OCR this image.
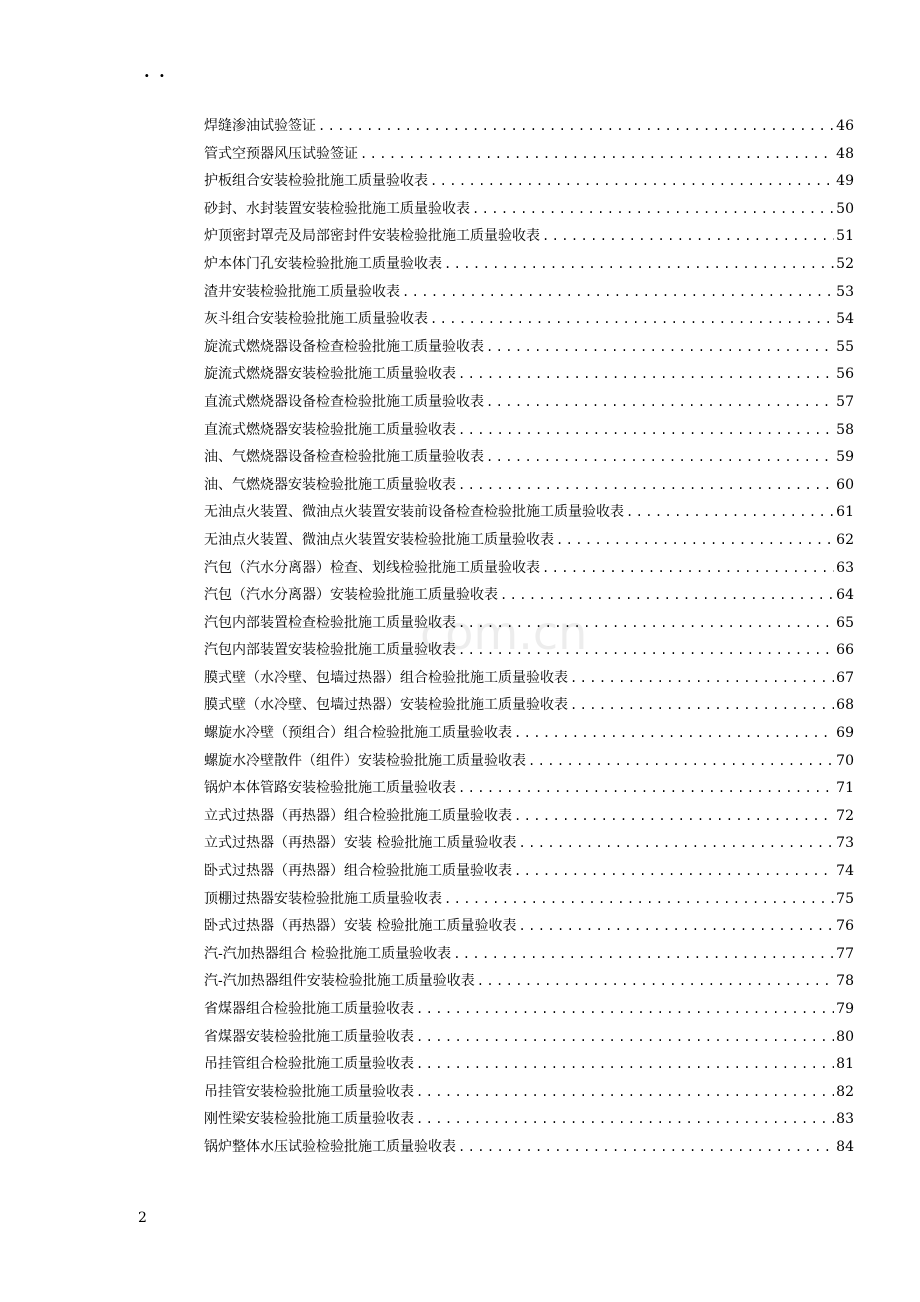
. .
com.cn
焊缝渗油试验签证 .....	46
管式空预器风压试验签证 .....	48
护板组合安装检验批施工质量验收表 .....	49
砂封、水封装置安装检验批施工质量验收表 .....	50
炉顶密封罩壳及局部密封件安装检验批施工质量验收表 .....	51
炉本体门孔安装检验批施工质量验收表 .....	52
渣井安装检验批施工质量验收表 .....	53
灰斗组合安装检验批施工质量验收表 .....	54
旋流式燃烧器设备检查检验批施工质量验收表 .....	55
旋流式燃烧器安装检验批施工质量验收表 .....	56
直流式燃烧器设备检查检验批施工质量验收表 .....	57
直流式燃烧器安装检验批施工质量验收表 .....	58
油、气燃烧器设备检查检验批施工质量验收表 .....	59
油、气燃烧器安装检验批施工质量验收表 .....	60
无油点火装置、微油点火装置安装前设备检查检验批施工质量验收表 .....	61
无油点火装置、微油点火装置安装检验批施工质量验收表 .....	62
汽包（汽水分离器）检查、划线检验批施工质量验收表 .....	63
汽包（汽水分离器）安装检验批施工质量验收表 .....	64
汽包内部装置检查检验批施工质量验收表 .....	65
汽包内部装置安装检验批施工质量验收表 .....	66
膜式壁（水冷壁、包墙过热器）组合检验批施工质量验收表 .....	67
膜式壁（水冷壁、包墙过热器）安装检验批施工质量验收表 .....	68
螺旋水冷壁（预组合）组合检验批施工质量验收表 .....	69
螺旋水冷壁散件（组件）安装检验批施工质量验收表 .....	70
锅炉本体管路安装检验批施工质量验收表 .....	71
立式过热器（再热器）组合检验批施工质量验收表 .....	72
立式过热器（再热器）安装 检验批施工质量验收表 .....	73
卧式过热器（再热器）组合检验批施工质量验收表 .....	74
顶棚过热器安装检验批施工质量验收表 .....	75
卧式过热器（再热器）安装 检验批施工质量验收表 .....	76
汽-汽加热器组合 检验批施工质量验收表 .....	77
汽-汽加热器组件安装检验批施工质量验收表 .....	78
省煤器组合检验批施工质量验收表 .....	79
省煤器安装检验批施工质量验收表 .....	80
吊挂管组合检验批施工质量验收表 .....	81
吊挂管安装检验批施工质量验收表 .....	82
刚性梁安装检验批施工质量验收表 .....	83
锅炉整体水压试验检验批施工质量验收表 .....	84
2
